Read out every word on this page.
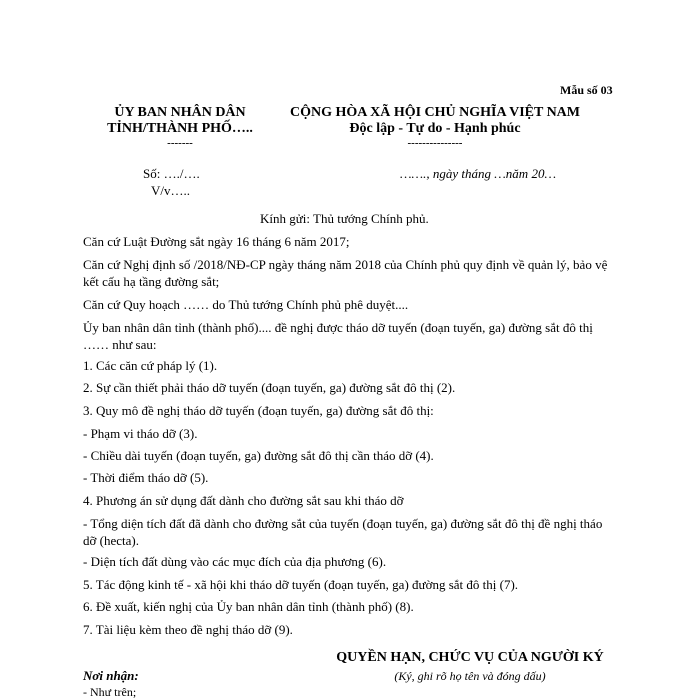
Mẫu số 03
ỦY BAN NHÂN DÂN
TỈNH/THÀNH PHỐ…..
-------
CỘNG HÒA XÃ HỘI CHỦ NGHĨA VIỆT NAM
Độc lập - Tự do - Hạnh phúc
---------------
Số: …./….
V/v…..
……., ngày tháng …năm 20…
Kính gửi: Thủ tướng Chính phủ.
Căn cứ Luật Đường sắt ngày 16 tháng 6 năm 2017;
Căn cứ Nghị định số /2018/NĐ-CP ngày tháng năm 2018 của Chính phủ quy định về quản lý, bảo vệ kết cấu hạ tầng đường sắt;
Căn cứ Quy hoạch …… do Thủ tướng Chính phủ phê duyệt....
Ủy ban nhân dân tỉnh (thành phố).... đề nghị được tháo dỡ tuyến (đoạn tuyến, ga) đường sắt đô thị …… như sau:
1. Các căn cứ pháp lý (1).
2. Sự cần thiết phải tháo dỡ tuyến (đoạn tuyến, ga) đường sắt đô thị (2).
3. Quy mô đề nghị tháo dỡ tuyến (đoạn tuyến, ga) đường sắt đô thị:
- Phạm vi tháo dỡ (3).
- Chiều dài tuyến (đoạn tuyến, ga) đường sắt đô thị cần tháo dỡ (4).
- Thời điểm tháo dỡ (5).
4. Phương án sử dụng đất dành cho đường sắt sau khi tháo dỡ
- Tổng diện tích đất đã dành cho đường sắt của tuyến (đoạn tuyến, ga) đường sắt đô thị đề nghị tháo dỡ (hecta).
- Diện tích đất dùng vào các mục đích của địa phương (6).
5. Tác động kinh tế - xã hội khi tháo dỡ tuyến (đoạn tuyến, ga) đường sắt đô thị (7).
6. Đề xuất, kiến nghị của Ủy ban nhân dân tỉnh (thành phố) (8).
7. Tài liệu kèm theo đề nghị tháo dỡ (9).
QUYỀN HẠN, CHỨC VỤ CỦA NGƯỜI KÝ
(Ký, ghi rõ họ tên và đóng dấu)
Nơi nhận:
- Như trên;
